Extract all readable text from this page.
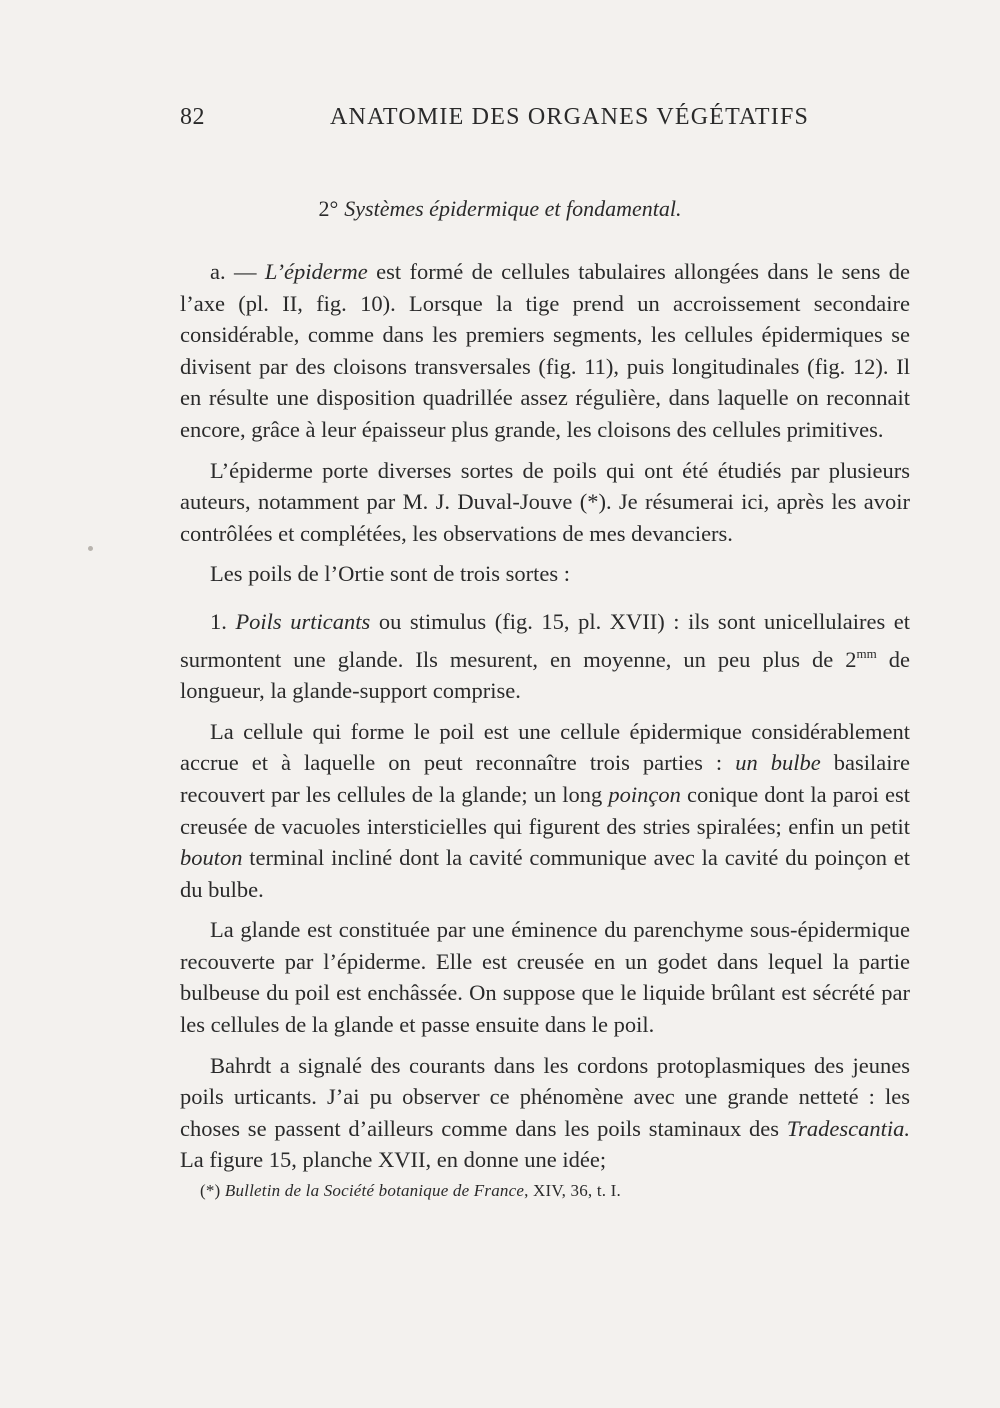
82	ANATOMIE DES ORGANES VÉGÉTATIFS
2° Systèmes épidermique et fondamental.

a. — L’épiderme est formé de cellules tabulaires allongées dans le sens de l’axe (pl. II, fig. 10). Lorsque la tige prend un accroissement secondaire considérable, comme dans les premiers segments, les cellules épidermiques se divisent par des cloisons transversales (fig. 11), puis longitudinales (fig. 12). Il en résulte une disposition quadrillée assez régulière, dans laquelle on reconnait encore, grâce à leur épaisseur plus grande, les cloisons des cellules primitives.

L’épiderme porte diverses sortes de poils qui ont été étudiés par plusieurs auteurs, notamment par M. J. Duval-Jouve (*). Je résumerai ici, après les avoir contrôlées et complétées, les observations de mes devanciers.

Les poils de l’Ortie sont de trois sortes :

1. Poils urticants ou stimulus (fig. 15, pl. XVII) : ils sont unicellulaires et surmontent une glande. Ils mesurent, en moyenne, un peu plus de $2^{mm}$ de longueur, la glande-support comprise.

La cellule qui forme le poil est une cellule épidermique considérablement accrue et à laquelle on peut reconnaître trois parties : un bulbe basilaire recouvert par les cellules de la glande; un long poinçon conique dont la paroi est creusée de vacuoles intersticielles qui figurent des stries spiralées; enfin un petit bouton terminal incliné dont la cavité communique avec la cavité du poinçon et du bulbe.

La glande est constituée par une éminence du parenchyme sous-épidermique recouverte par l’épiderme. Elle est creusée en un godet dans lequel la partie bulbeuse du poil est enchâssée. On suppose que le liquide brûlant est sécrété par les cellules de la glande et passe ensuite dans le poil.

Bahrdt a signalé des courants dans les cordons protoplasmiques des jeunes poils urticants. J’ai pu observer ce phénomène avec une grande netteté : les choses se passent d’ailleurs comme dans les poils staminaux des Tradescantia. La figure 15, planche XVII, en donne une idée;

(*) Bulletin de la Société botanique de France, XIV, 36, t. I.
